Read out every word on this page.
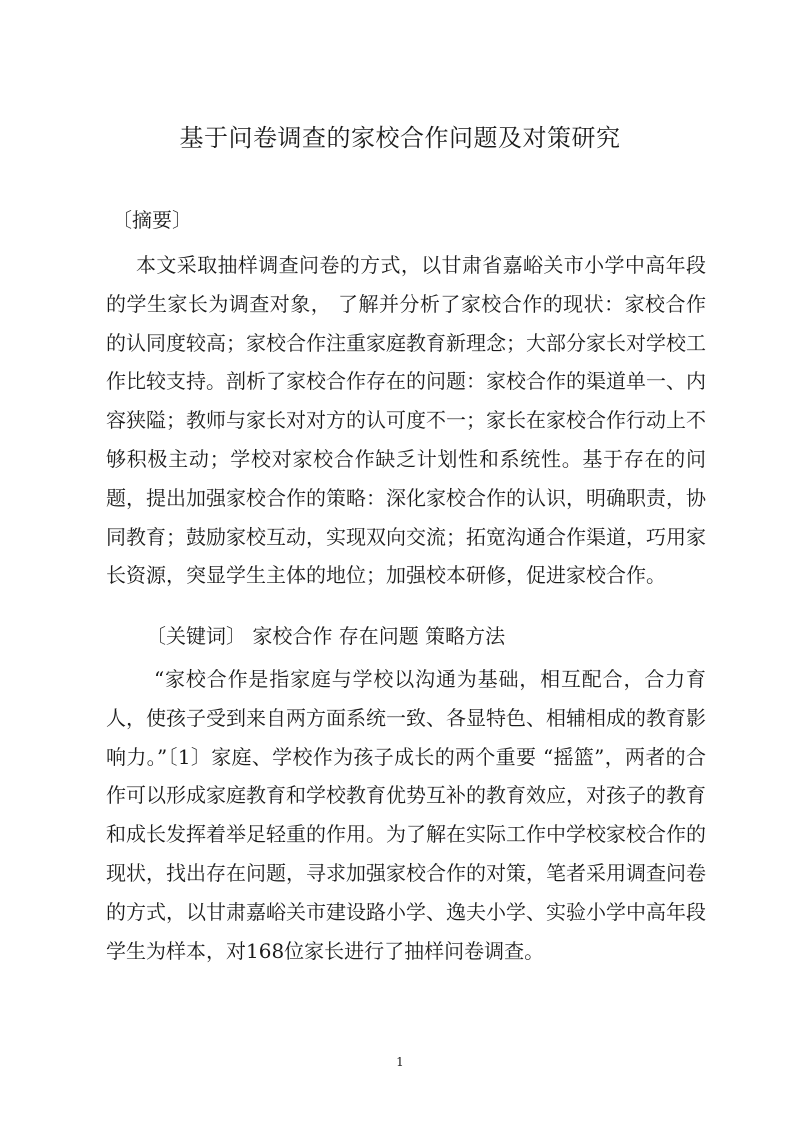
基于问卷调查的家校合作问题及对策研究

〔摘要〕

本文采取抽样调查问卷的方式，以甘肃省嘉峪关市小学中高年段的学生家长为调查对象， 了解并分析了家校合作的现状：家校合作的认同度较高；家校合作注重家庭教育新理念；大部分家长对学校工作比较支持。剖析了家校合作存在的问题：家校合作的渠道单一、内容狭隘；教师与家长对对方的认可度不一；家长在家校合作行动上不够积极主动；学校对家校合作缺乏计划性和系统性。基于存在的问题，提出加强家校合作的策略：深化家校合作的认识，明确职责，协同教育；鼓励家校互动，实现双向交流；拓宽沟通合作渠道，巧用家长资源，突显学生主体的地位；加强校本研修，促进家校合作。

〔关键词〕 家校合作 存在问题 策略方法

“家校合作是指家庭与学校以沟通为基础，相互配合，合力育人，使孩子受到来自两方面系统一致、各显特色、相辅相成的教育影响力。”〔1〕家庭、学校作为孩子成长的两个重要 “摇篮”，两者的合作可以形成家庭教育和学校教育优势互补的教育效应，对孩子的教育和成长发挥着举足轻重的作用。为了解在实际工作中学校家校合作的现状，找出存在问题，寻求加强家校合作的对策，笔者采用调查问卷的方式，以甘肃嘉峪关市建设路小学、逸夫小学、实验小学中高年段学生为样本，对168位家长进行了抽样问卷调查。

1
